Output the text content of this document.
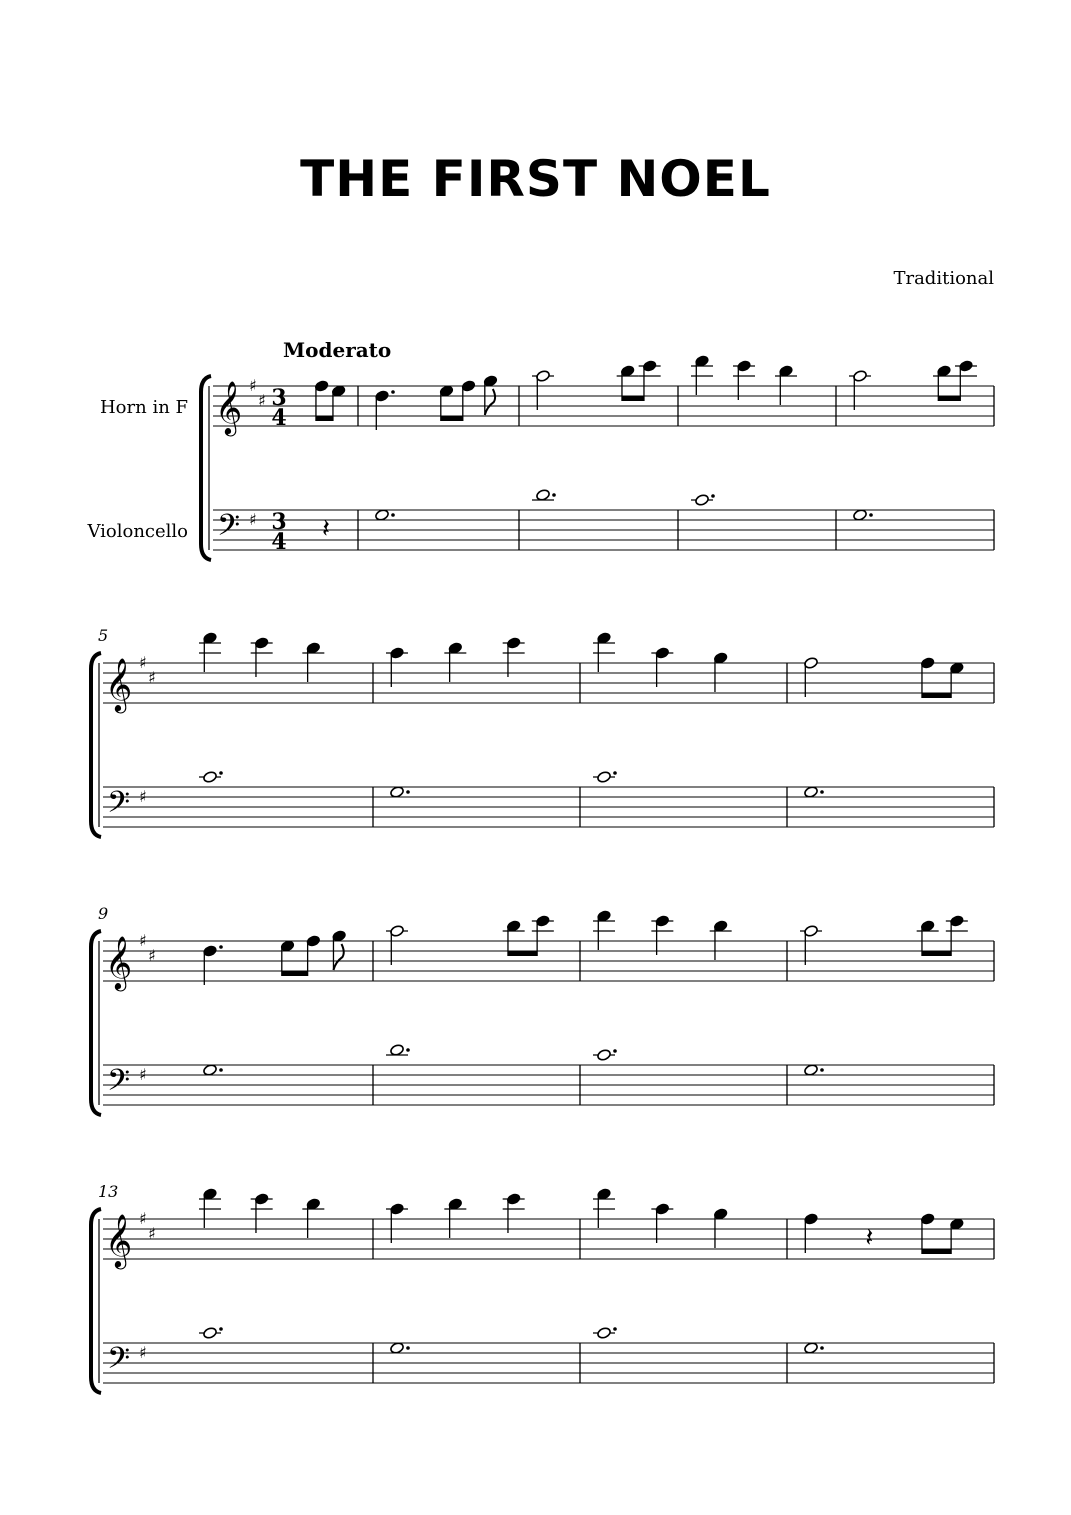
THE FIRST NOEL
Traditional
Horn in F
Violoncello
Moderato
𝄞
𝄢
♯
♯
♯
3
4
3
4 𝄽
5
𝄞
𝄢
♯
♯
♯
9
𝄞
𝄢
♯
♯
♯
13
𝄞
𝄢
♯
♯
♯
𝄽
